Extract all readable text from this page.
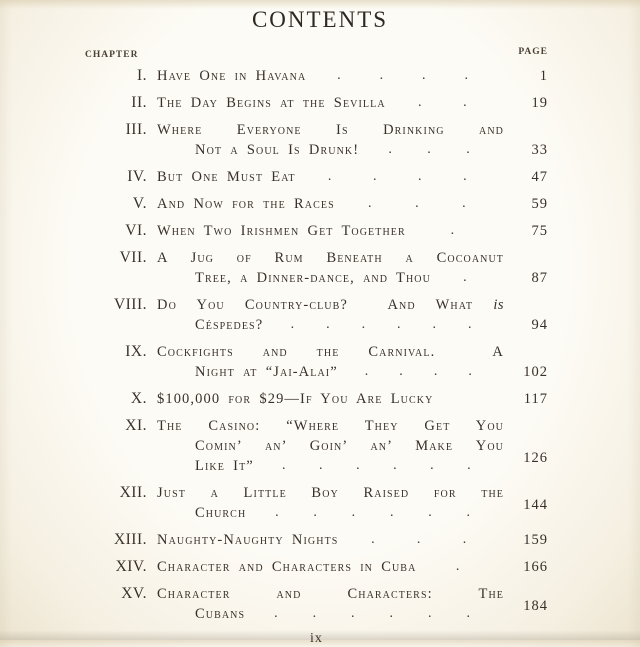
CONTENTS
CHAPTER	PAGE
I. Have One in Havana .	.	.	.	1
II. The Day Begins at the Sevilla .	.	19
III. Where Everyone Is Drinking and
Not a Soul Is Drunk! . . .	33
IV. But One Must Eat .	.	.	.	47
V. And Now for the Races .	.	.	59
VI. When Two Irishmen Get Together	.	75
VII. A Jug of Rum Beneath a Cocoanut
Tree, a Dinner-dance, and Thou .	87
VIII. Do You Country-club?  And What is
Céspedes? . . . . . .	94
IX. Cockfights and the Carnival.  A
Night at “Jai-Alai” . . . .	102
X. $100,000 for $29—If You Are Lucky	117
XI. The Casino: “Where They Get You
Comin’ an’ Goin’ an’ Make You
Like It” . . . . . .	126
XII. Just a Little Boy Raised for the
Church . . . . . .	144
XIII. Naughty-Naughty Nights .	.	.	159
XIV. Character and Characters in Cuba	.	166
XV. Character and Characters: The
Cubans . . . . . .	184
ix
